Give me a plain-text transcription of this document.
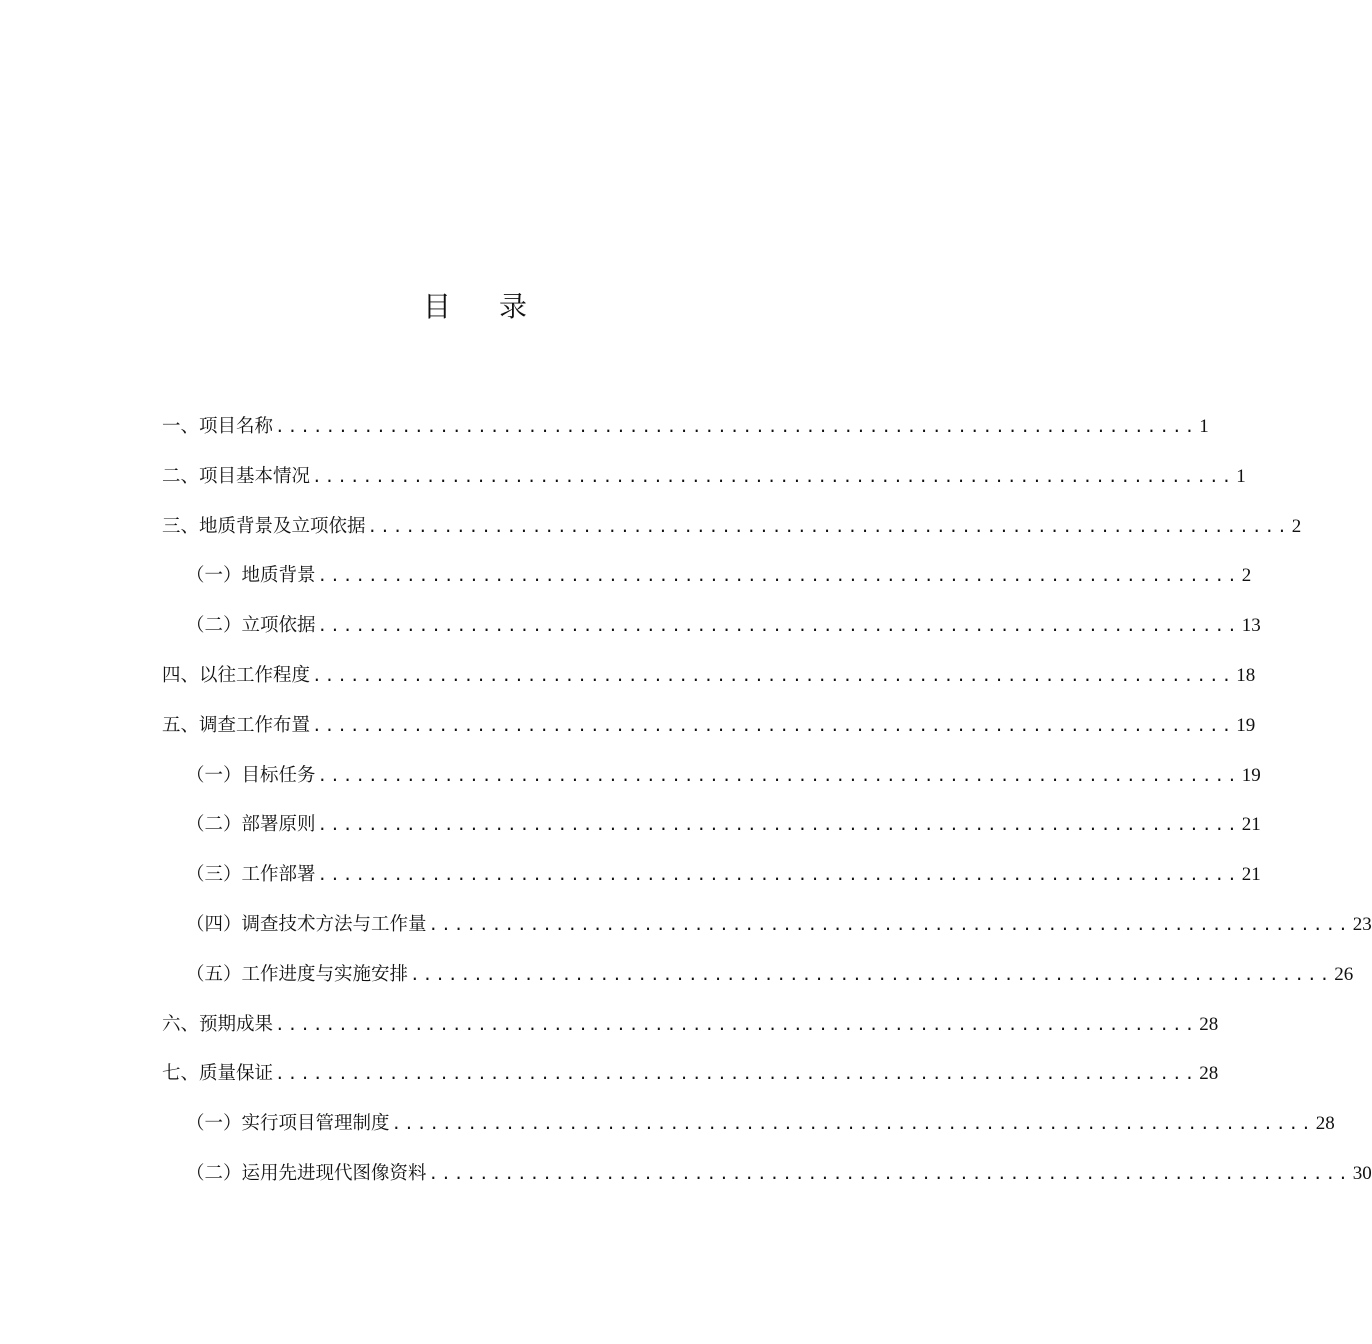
目 录
一、项目名称 ......................................................................... 1
二、项目基本情况 ......................................................................... 1
三、地质背景及立项依据 ......................................................................... 2
（一）地质背景 ......................................................................... 2
（二）立项依据 ......................................................................... 13
四、以往工作程度 ......................................................................... 18
五、调查工作布置 ......................................................................... 19
（一）目标任务 ......................................................................... 19
（二）部署原则 ......................................................................... 21
（三）工作部署 ......................................................................... 21
（四）调查技术方法与工作量 ......................................................................... 23
（五）工作进度与实施安排 ......................................................................... 26
六、预期成果 ......................................................................... 28
七、质量保证 ......................................................................... 28
（一）实行项目管理制度 ......................................................................... 28
（二）运用先进现代图像资料 ......................................................................... 30
